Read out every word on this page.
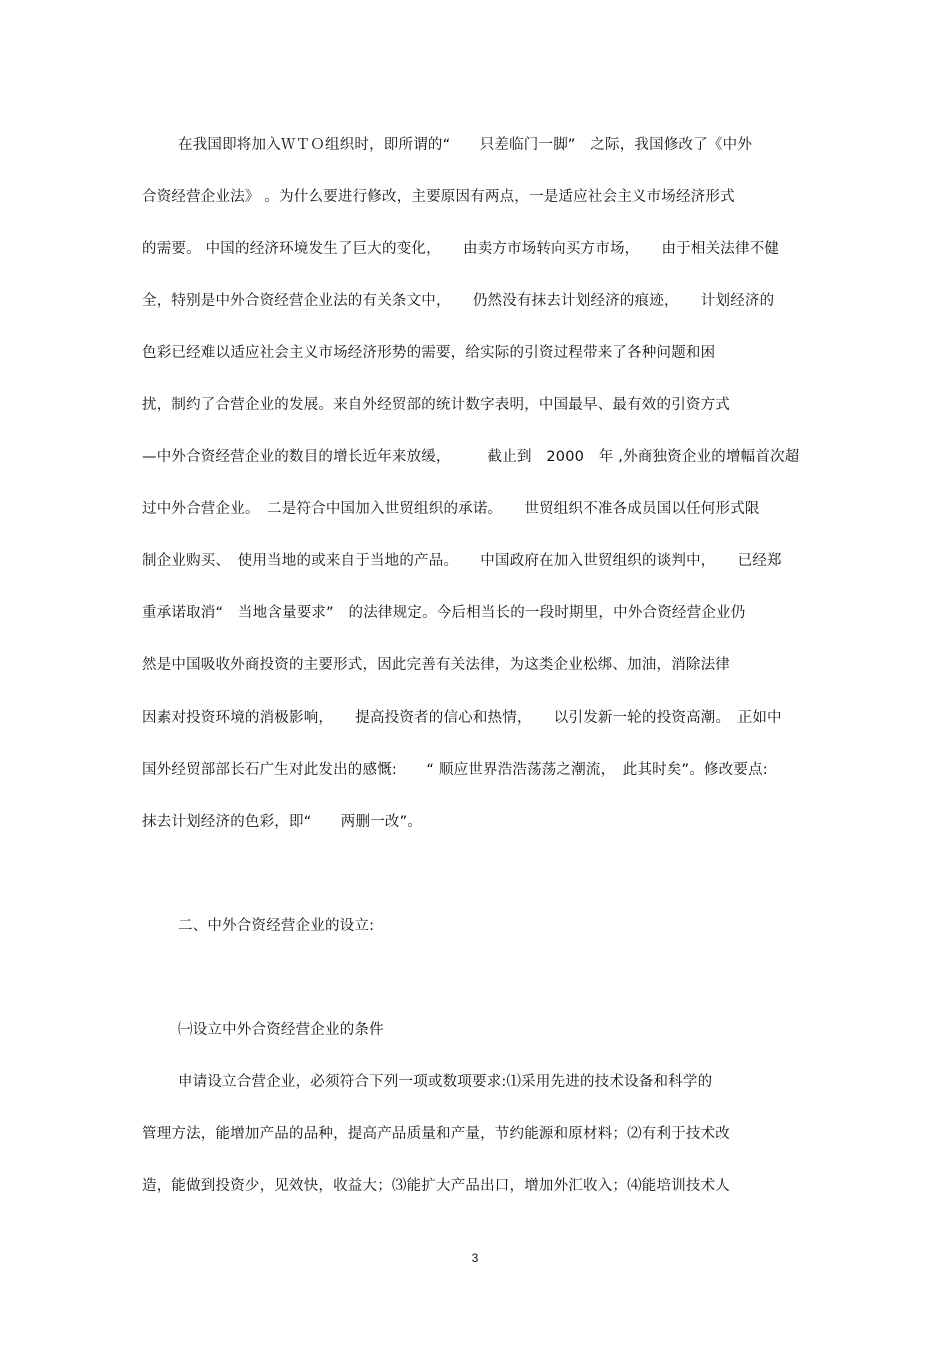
在我国即将加入ＷＴＯ组织时，即所谓的“　　只差临门一脚”　之际，我国修改了《中外
合资经营企业法》 。为什么要进行修改，主要原因有两点，一是适应社会主义市场经济形式
的需要。 中国的经济环境发生了巨大的变化，　　由卖方市场转向买方市场，　　由于相关法律不健
全，特别是中外合资经营企业法的有关条文中，　　仍然没有抹去计划经济的痕迹，　　计划经济的
色彩已经难以适应社会主义市场经济形势的需要，给实际的引资过程带来了各种问题和困
扰，制约了合营企业的发展。来自外经贸部的统计数字表明，中国最早、最有效的引资方式
—中外合资经营企业的数目的增长近年来放缓，　　　截止到　2000　年 ,外商独资企业的增幅首次超
过中外合营企业。　二是符合中国加入世贸组织的承诺。　　世贸组织不准各成员国以任何形式限
制企业购买、　使用当地的或来自于当地的产品。　　中国政府在加入世贸组织的谈判中，　　已经郑
重承诺取消“　当地含量要求”　的法律规定。今后相当长的一段时期里，中外合资经营企业仍
然是中国吸收外商投资的主要形式，因此完善有关法律，为这类企业松绑、加油，消除法律
因素对投资环境的消极影响，　　提高投资者的信心和热情，　　以引发新一轮的投资高潮。　正如中
国外经贸部部长石广生对此发出的感慨:　　“ 顺应世界浩浩荡荡之潮流，　此其时矣”。修改要点:
抹去计划经济的色彩，即“　　两删一改”。
二、中外合资经营企业的设立:
㈠设立中外合资经营企业的条件
申请设立合营企业，必须符合下列一项或数项要求:⑴采用先进的技术设备和科学的
管理方法，能增加产品的品种，提高产品质量和产量，节约能源和原材料；⑵有利于技术改
造，能做到投资少，见效快，收益大；⑶能扩大产品出口，增加外汇收入；⑷能培训技术人
3
